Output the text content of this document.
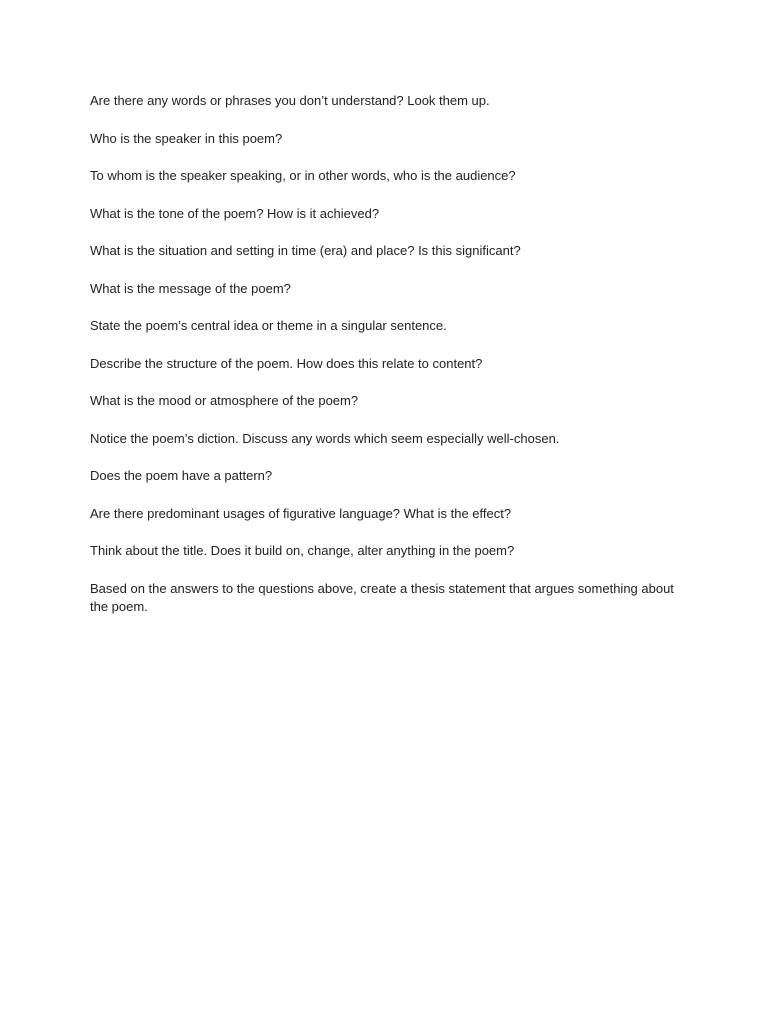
Are there any words or phrases you don’t understand? Look them up.
Who is the speaker in this poem?
To whom is the speaker speaking, or in other words, who is the audience?
What is the tone of the poem? How is it achieved?
What is the situation and setting in time (era) and place? Is this significant?
What is the message of the poem?
State the poem’s central idea or theme in a singular sentence.
Describe the structure of the poem. How does this relate to content?
What is the mood or atmosphere of the poem?
Notice the poem’s diction. Discuss any words which seem especially well-chosen.
Does the poem have a pattern?
Are there predominant usages of figurative language? What is the effect?
Think about the title. Does it build on, change, alter anything in the poem?
Based on the answers to the questions above, create a thesis statement that argues something about the poem.
